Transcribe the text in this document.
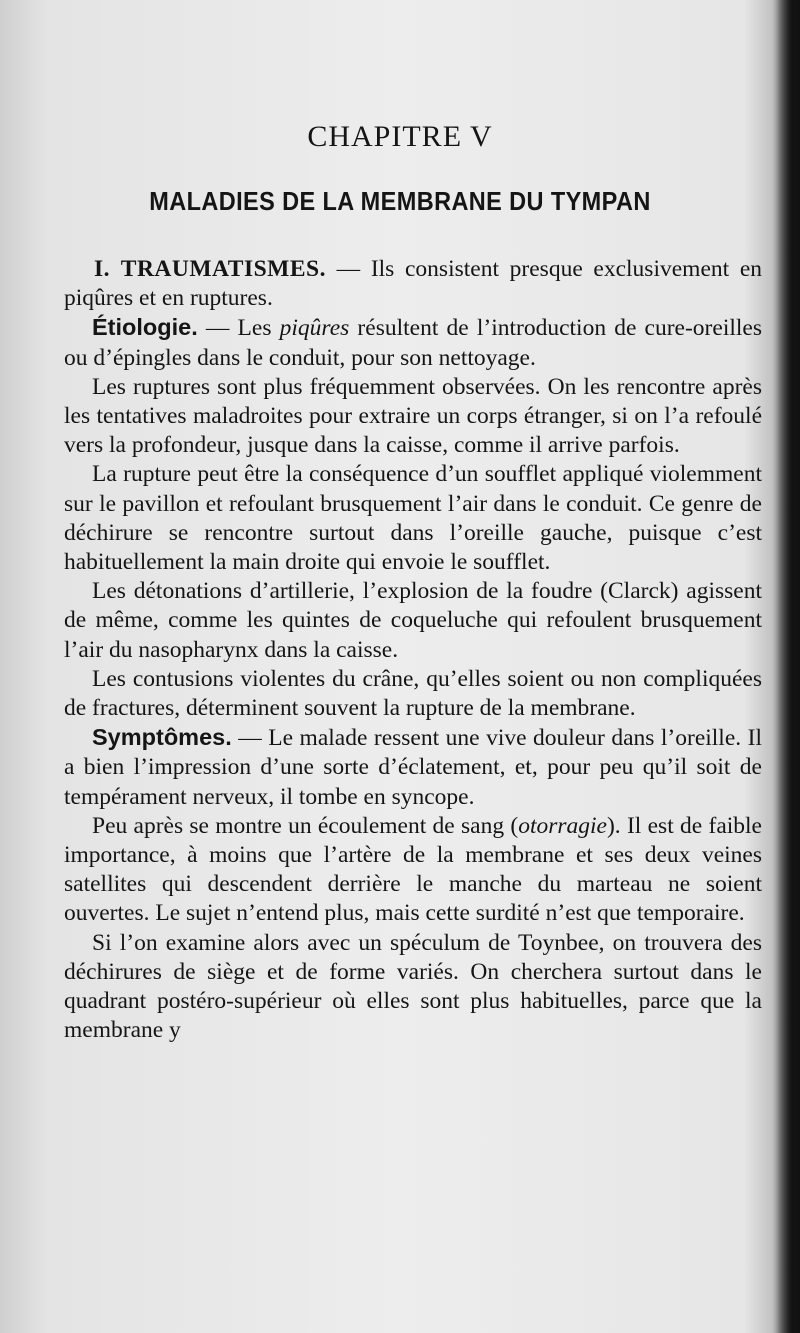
CHAPITRE V
MALADIES DE LA MEMBRANE DU TYMPAN

I. TRAUMATISMES. — Ils consistent presque exclusivement en piqûres et en ruptures.

Étiologie. — Les piqûres résultent de l’introduction de cure-oreilles ou d’épingles dans le conduit, pour son nettoyage.

Les ruptures sont plus fréquemment observées. On les rencontre après les tentatives maladroites pour extraire un corps étranger, si on l’a refoulé vers la profondeur, jusque dans la caisse, comme il arrive parfois.

La rupture peut être la conséquence d’un soufflet appliqué violemment sur le pavillon et refoulant brusquement l’air dans le conduit. Ce genre de déchirure se rencontre surtout dans l’oreille gauche, puisque c’est habituellement la main droite qui envoie le soufflet.

Les détonations d’artillerie, l’explosion de la foudre (Clarck) agissent de même, comme les quintes de coqueluche qui refoulent brusquement l’air du nasopharynx dans la caisse.

Les contusions violentes du crâne, qu’elles soient ou non compliquées de fractures, déterminent souvent la rupture de la membrane.

Symptômes. — Le malade ressent une vive douleur dans l’oreille. Il a bien l’impression d’une sorte d’éclatement, et, pour peu qu’il soit de tempérament nerveux, il tombe en syncope.

Peu après se montre un écoulement de sang (otorragie). Il est de faible importance, à moins que l’artère de la membrane et ses deux veines satellites qui descendent derrière le manche du marteau ne soient ouvertes. Le sujet n’entend plus, mais cette surdité n’est que temporaire.

Si l’on examine alors avec un spéculum de Toynbee, on trouvera des déchirures de siège et de forme variés. On cherchera surtout dans le quadrant postéro-supérieur où elles sont plus habituelles, parce que la membrane y
